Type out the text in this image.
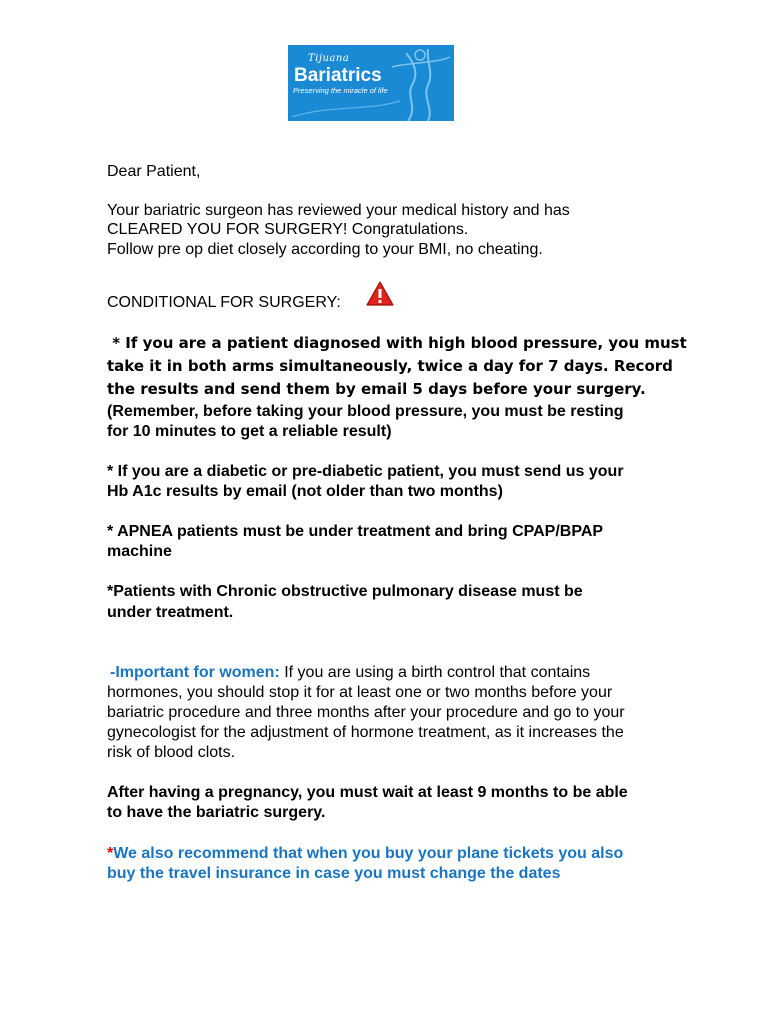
Tijuana
Bariatrics
Preserving the miracle of life
Dear Patient,
Your bariatric surgeon has reviewed your medical history and has
CLEARED YOU FOR SURGERY! Congratulations.
Follow pre op diet closely according to your BMI, no cheating.
CONDITIONAL FOR SURGERY:
* If you are a patient diagnosed with high blood pressure, you must
take it in both arms simultaneously, twice a day for 7 days. Record
the results and send them by email 5 days before your surgery.
(Remember, before taking your blood pressure, you must be resting
for 10 minutes to get a reliable result)
* If you are a diabetic or pre-diabetic patient, you must send us your
Hb A1c results by email (not older than two months)
* APNEA patients must be under treatment and bring CPAP/BPAP
machine
*Patients with Chronic obstructive pulmonary disease must be
under treatment.
-Important for women: If you are using a birth control that contains
hormones, you should stop it for at least one or two months before your
bariatric procedure and three months after your procedure and go to your
gynecologist for the adjustment of hormone treatment, as it increases the
risk of blood clots.
After having a pregnancy, you must wait at least 9 months to be able
to have the bariatric surgery.
*We also recommend that when you buy your plane tickets you also
buy the travel insurance in case you must change the dates
